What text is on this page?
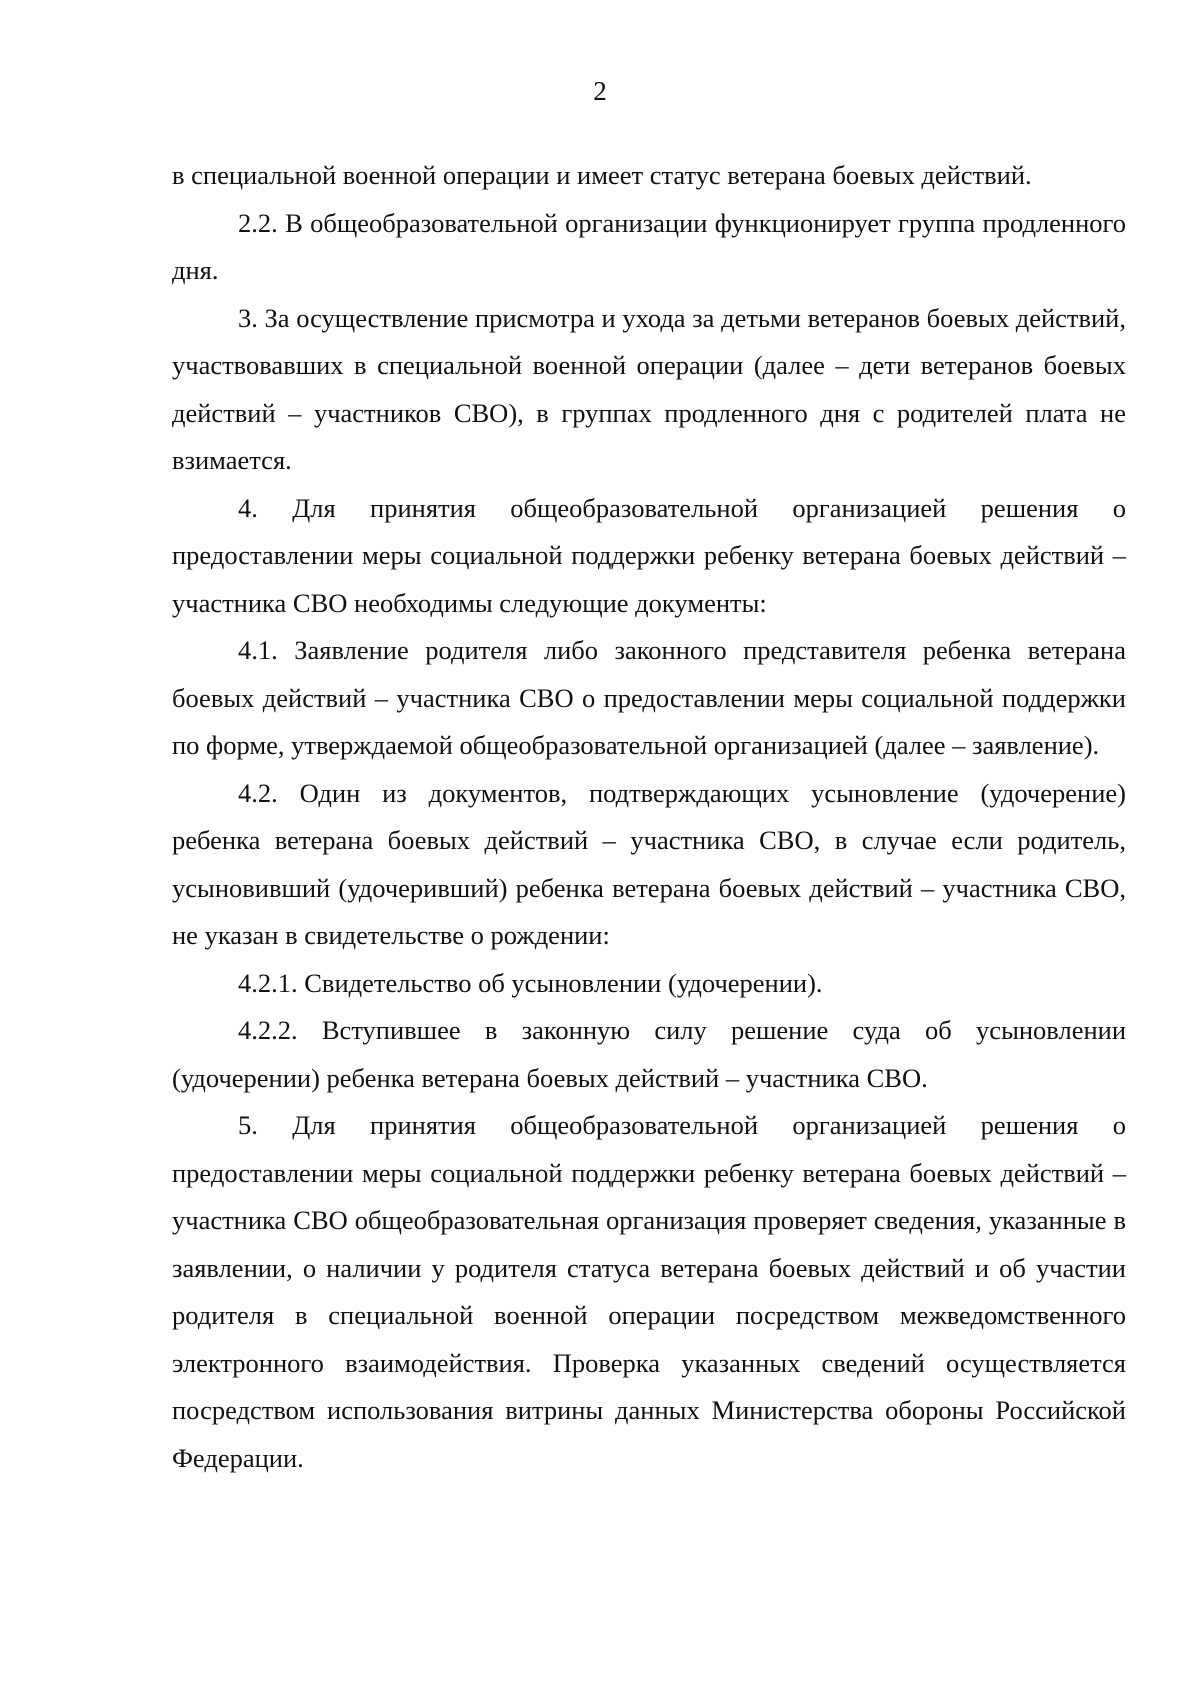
2

в специальной военной операции и имеет статус ветерана боевых действий.

2.2. В общеобразовательной организации функционирует группа продленного дня.

3. За осуществление присмотра и ухода за детьми ветеранов боевых действий, участвовавших в специальной военной операции (далее – дети ветеранов боевых действий – участников СВО), в группах продленного дня с родителей плата не взимается.

4. Для принятия общеобразовательной организацией решения о предоставлении меры социальной поддержки ребенку ветерана боевых действий – участника СВО необходимы следующие документы:

4.1. Заявление родителя либо законного представителя ребенка ветерана боевых действий – участника СВО о предоставлении меры социальной поддержки по форме, утверждаемой общеобразовательной организацией (далее – заявление).

4.2. Один из документов, подтверждающих усыновление (удочерение) ребенка ветерана боевых действий – участника СВО, в случае если родитель, усыновивший (удочеривший) ребенка ветерана боевых действий – участника СВО, не указан в свидетельстве о рождении:

4.2.1. Свидетельство об усыновлении (удочерении).

4.2.2. Вступившее в законную силу решение суда об усыновлении (удочерении) ребенка ветерана боевых действий – участника СВО.

5. Для принятия общеобразовательной организацией решения о предоставлении меры социальной поддержки ребенку ветерана боевых действий – участника СВО общеобразовательная организация проверяет сведения, указанные в заявлении, о наличии у родителя статуса ветерана боевых действий и об участии родителя в специальной военной операции посредством межведомственного электронного взаимодействия. Проверка указанных сведений осуществляется посредством использования витрины данных Министерства обороны Российской Федерации.
